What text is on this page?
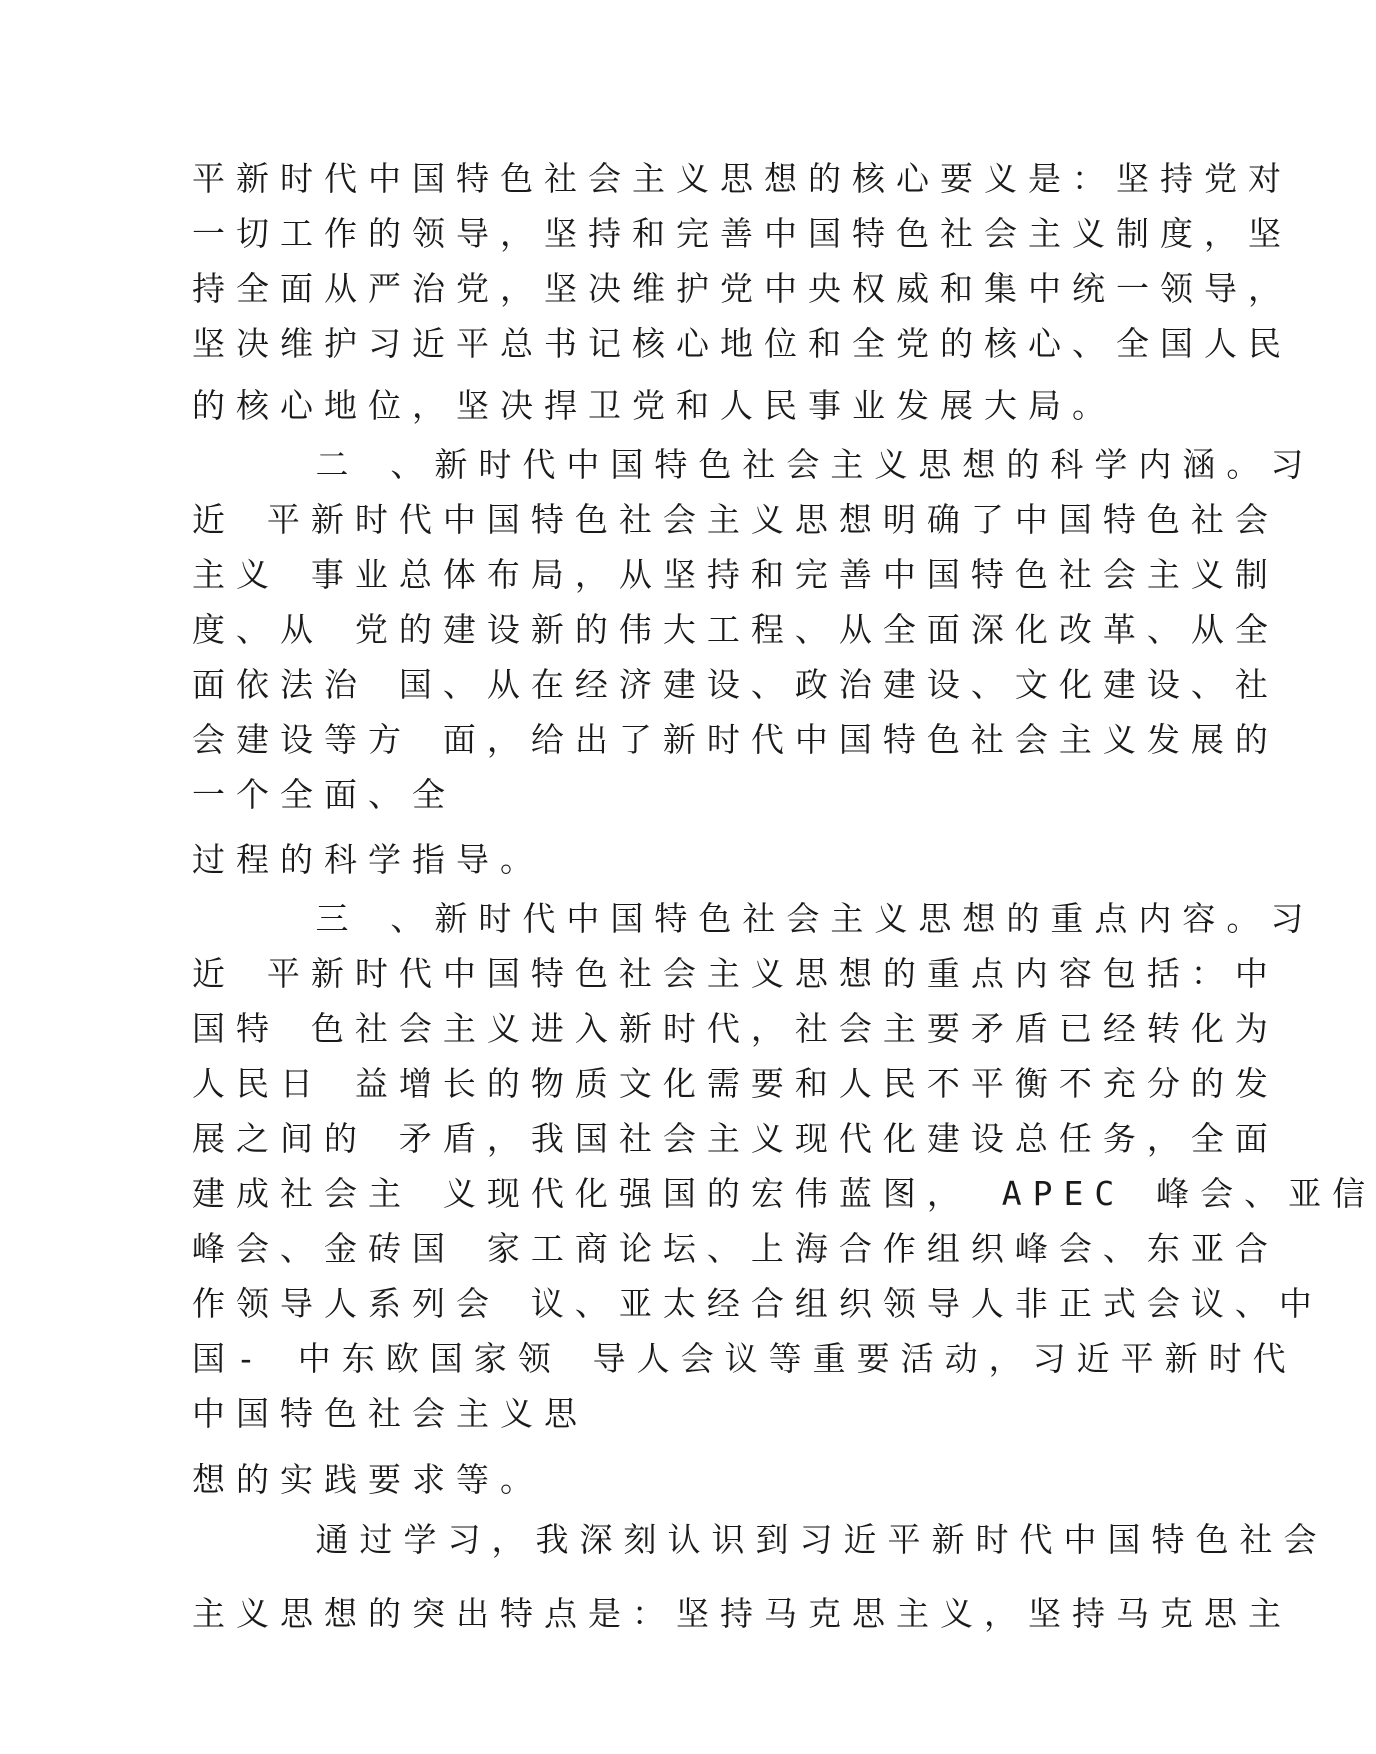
平新时代中国特色社会主义思想的核心要义是：坚持党对
一切工作的领导，坚持和完善中国特色社会主义制度，坚
持全面从严治党，坚决维护党中央权威和集中统一领导，
坚决维护习近平总书记核心地位和全党的核心、全国人民
的核心地位，坚决捍卫党和人民事业发展大局。
二 、新时代中国特色社会主义思想的科学内涵。习
近 平新时代中国特色社会主义思想明确了中国特色社会
主义 事业总体布局，从坚持和完善中国特色社会主义制
度、从 党的建设新的伟大工程、从全面深化改革、从全
面依法治 国、从在经济建设、政治建设、文化建设、社
会建设等方 面，给出了新时代中国特色社会主义发展的
一个全面、全
过程的科学指导。
三 、新时代中国特色社会主义思想的重点内容。习
近 平新时代中国特色社会主义思想的重点内容包括：中
国特 色社会主义进入新时代，社会主要矛盾已经转化为
人民日 益增长的物质文化需要和人民不平衡不充分的发
展之间的 矛盾，我国社会主义现代化建设总任务，全面
建成社会主 义现代化强国的宏伟蓝图， APEC 峰会、亚信
峰会、金砖国 家工商论坛、上海合作组织峰会、东亚合
作领导人系列会 议、亚太经合组织领导人非正式会议、中
国- 中东欧国家领 导人会议等重要活动，习近平新时代
中国特色社会主义思
想的实践要求等。
通过学习，我深刻认识到习近平新时代中国特色社会
主义思想的突出特点是：坚持马克思主义，坚持马克思主
